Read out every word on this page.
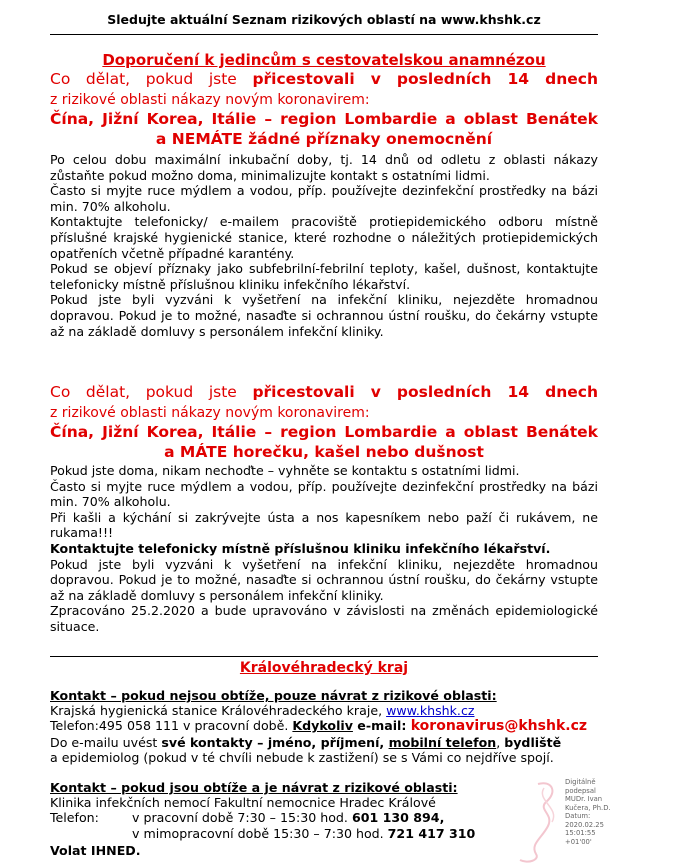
Sledujte aktuální Seznam rizikových oblastí na www.khshk.cz
Doporučení k jedincům s cestovatelskou anamnézou
Co dělat, pokud jste přicestovali v posledních 14 dnech
z rizikové oblasti nákazy novým koronavirem:
Čína, Jižní Korea, Itálie – region Lombardie a oblast Benátek
a NEMÁTE žádné příznaky onemocnění
Po celou dobu maximální inkubační doby, tj. 14 dnů od odletu z oblasti nákazy zůstaňte pokud možno doma, minimalizujte kontakt s ostatními lidmi.
Často si myjte ruce mýdlem a vodou, příp. používejte dezinfekční prostředky na bázi min. 70% alkoholu.
Kontaktujte telefonicky/ e-mailem pracoviště protiepidemického odboru místně příslušné krajské hygienické stanice, které rozhodne o náležitých protiepidemických opatřeních včetně případné karantény.
Pokud se objeví příznaky jako subfebrilní-febrilní teploty, kašel, dušnost, kontaktujte telefonicky místně příslušnou kliniku infekčního lékařství.
Pokud jste byli vyzváni k vyšetření na infekční kliniku, nejezděte hromadnou dopravou. Pokud je to možné, nasaďte si ochrannou ústní roušku, do čekárny vstupte až na základě domluvy s personálem infekční kliniky.
Co dělat, pokud jste přicestovali v posledních 14 dnech
z rizikové oblasti nákazy novým koronavirem:
Čína, Jižní Korea, Itálie – region Lombardie a oblast Benátek
a MÁTE horečku, kašel nebo dušnost
Pokud jste doma, nikam nechoďte – vyhněte se kontaktu s ostatními lidmi.
Často si myjte ruce mýdlem a vodou, příp. používejte dezinfekční prostředky na bázi min. 70% alkoholu.
Při kašli a kýchání si zakrývejte ústa a nos kapesníkem nebo paží či rukávem, ne rukama!!!
Kontaktujte telefonicky místně příslušnou kliniku infekčního lékařství.
Pokud jste byli vyzváni k vyšetření na infekční kliniku, nejezděte hromadnou dopravou. Pokud je to možné, nasaďte si ochrannou ústní roušku, do čekárny vstupte až na základě domluvy s personálem infekční kliniky.
Zpracováno 25.2.2020 a bude upravováno v závislosti na změnách epidemiologické situace.
Královéhradecký kraj
Kontakt – pokud nejsou obtíže, pouze návrat z rizikové oblasti:
Krajská hygienická stanice Královéhradeckého kraje, www.khshk.cz
Telefon:495 058 111 v pracovní době. Kdykoliv e-mail: koronavirus@khshk.cz
Do e-mailu uvést své kontakty – jméno, příjmení, mobilní telefon, bydliště
a epidemiolog (pokud v té chvíli nebude k zastižení) se s Vámi co nejdříve spojí.
Kontakt – pokud jsou obtíže a je návrat z rizikové oblasti:
Klinika infekčních nemocí Fakultní nemocnice Hradec Králové
Telefon:	v pracovní době 7:30 – 15:30 hod. 601 130 894,
v mimopracovní době 15:30 – 7:30 hod. 721 417 310
Volat IHNED.
Digitálně
podepsal
MUDr. Ivan
Kučera, Ph.D.
Datum:
2020.02.25
15:01:55
+01'00'
